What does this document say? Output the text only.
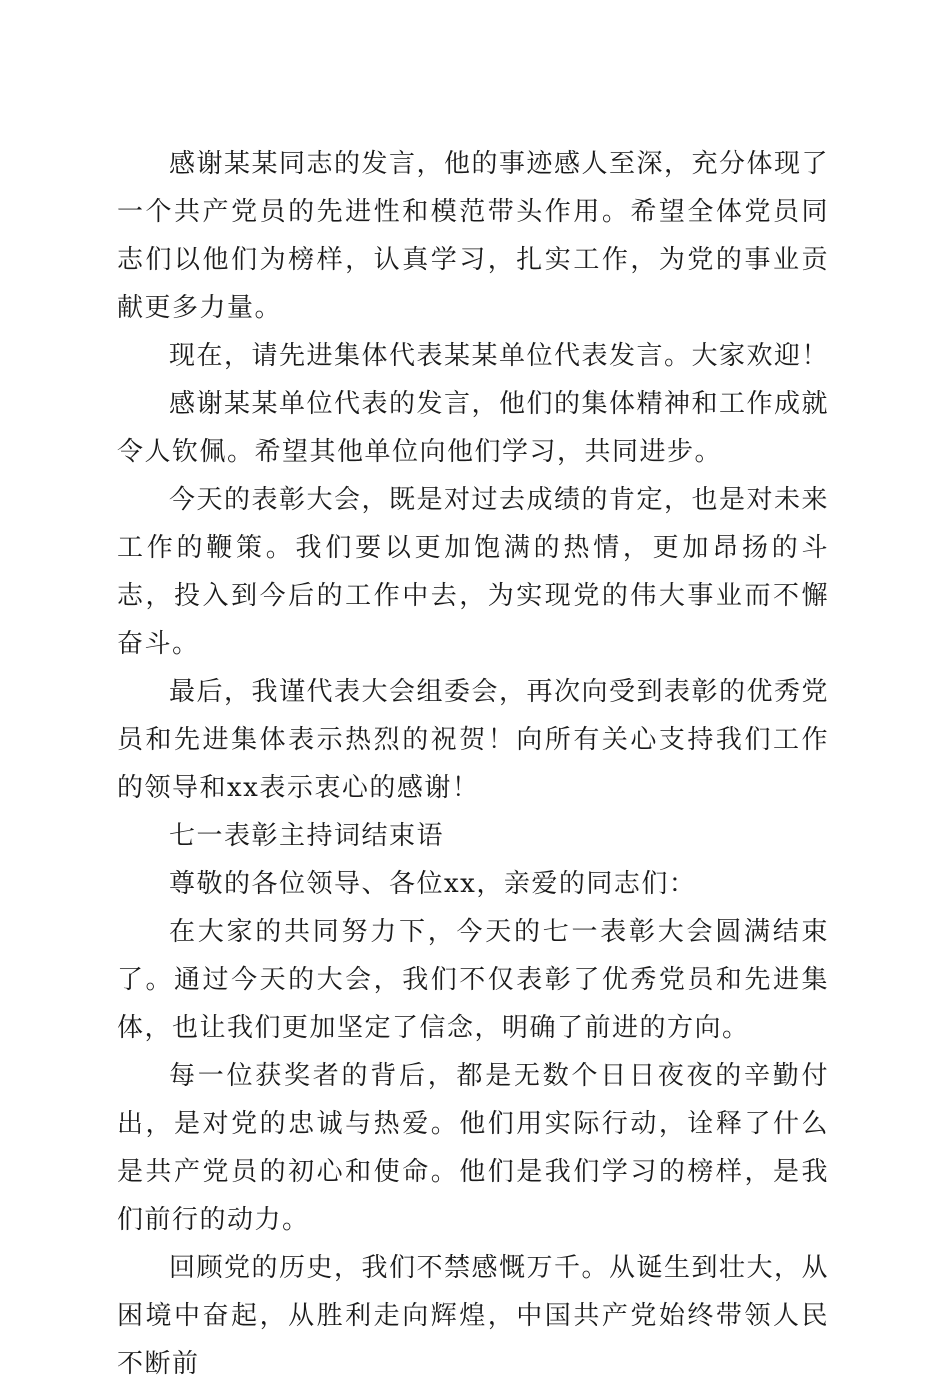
感谢某某同志的发言，他的事迹感人至深，充分体现了一个共产党员的先进性和模范带头作用。希望全体党员同志们以他们为榜样，认真学习，扎实工作，为党的事业贡献更多力量。

现在，请先进集体代表某某单位代表发言。大家欢迎！

感谢某某单位代表的发言，他们的集体精神和工作成就令人钦佩。希望其他单位向他们学习，共同进步。

今天的表彰大会，既是对过去成绩的肯定，也是对未来工作的鞭策。我们要以更加饱满的热情，更加昂扬的斗志，投入到今后的工作中去，为实现党的伟大事业而不懈奋斗。

最后，我谨代表大会组委会，再次向受到表彰的优秀党员和先进集体表示热烈的祝贺！向所有关心支持我们工作的领导和xx表示衷心的感谢！

七一表彰主持词结束语

尊敬的各位领导、各位xx，亲爱的同志们：

在大家的共同努力下，今天的七一表彰大会圆满结束了。通过今天的大会，我们不仅表彰了优秀党员和先进集体，也让我们更加坚定了信念，明确了前进的方向。

每一位获奖者的背后，都是无数个日日夜夜的辛勤付出，是对党的忠诚与热爱。他们用实际行动，诠释了什么是共产党员的初心和使命。他们是我们学习的榜样，是我们前行的动力。

回顾党的历史，我们不禁感慨万千。从诞生到壮大，从困境中奋起，从胜利走向辉煌，中国共产党始终带领人民不断前
